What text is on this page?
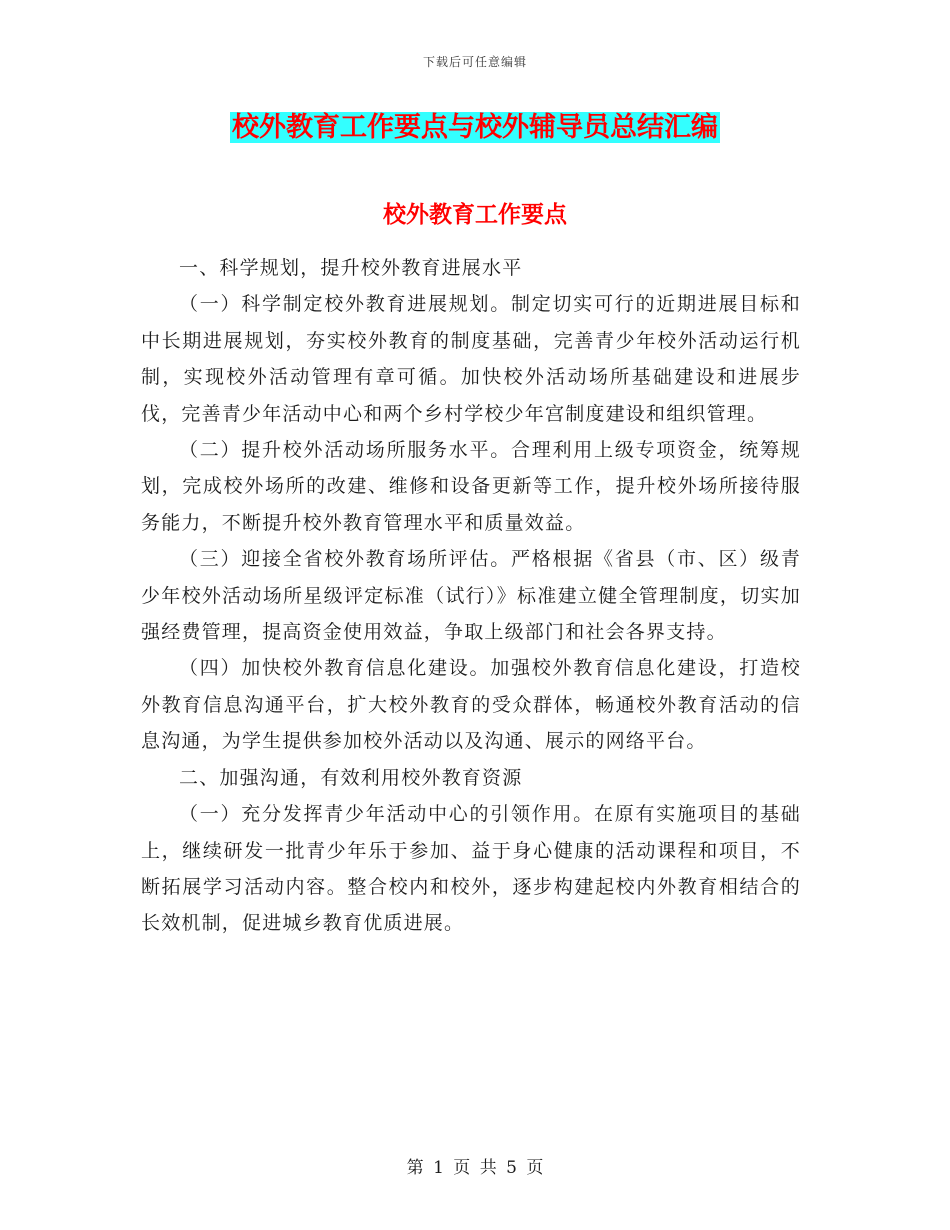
下载后可任意编辑
校外教育工作要点与校外辅导员总结汇编
校外教育工作要点

一、科学规划，提升校外教育进展水平

（一）科学制定校外教育进展规划。制定切实可行的近期进展目标和中长期进展规划，夯实校外教育的制度基础，完善青少年校外活动运行机制，实现校外活动管理有章可循。加快校外活动场所基础建设和进展步伐，完善青少年活动中心和两个乡村学校少年宫制度建设和组织管理。

（二）提升校外活动场所服务水平。合理利用上级专项资金，统筹规划，完成校外场所的改建、维修和设备更新等工作，提升校外场所接待服务能力，不断提升校外教育管理水平和质量效益。

（三）迎接全省校外教育场所评估。严格根据《省县（市、区）级青少年校外活动场所星级评定标准（试行）》标准建立健全管理制度，切实加强经费管理，提高资金使用效益，争取上级部门和社会各界支持。

（四）加快校外教育信息化建设。加强校外教育信息化建设，打造校外教育信息沟通平台，扩大校外教育的受众群体，畅通校外教育活动的信息沟通，为学生提供参加校外活动以及沟通、展示的网络平台。

二、加强沟通，有效利用校外教育资源

（一）充分发挥青少年活动中心的引领作用。在原有实施项目的基础上，继续研发一批青少年乐于参加、益于身心健康的活动课程和项目，不断拓展学习活动内容。整合校内和校外，逐步构建起校内外教育相结合的长效机制，促进城乡教育优质进展。

第 1 页 共 5 页
